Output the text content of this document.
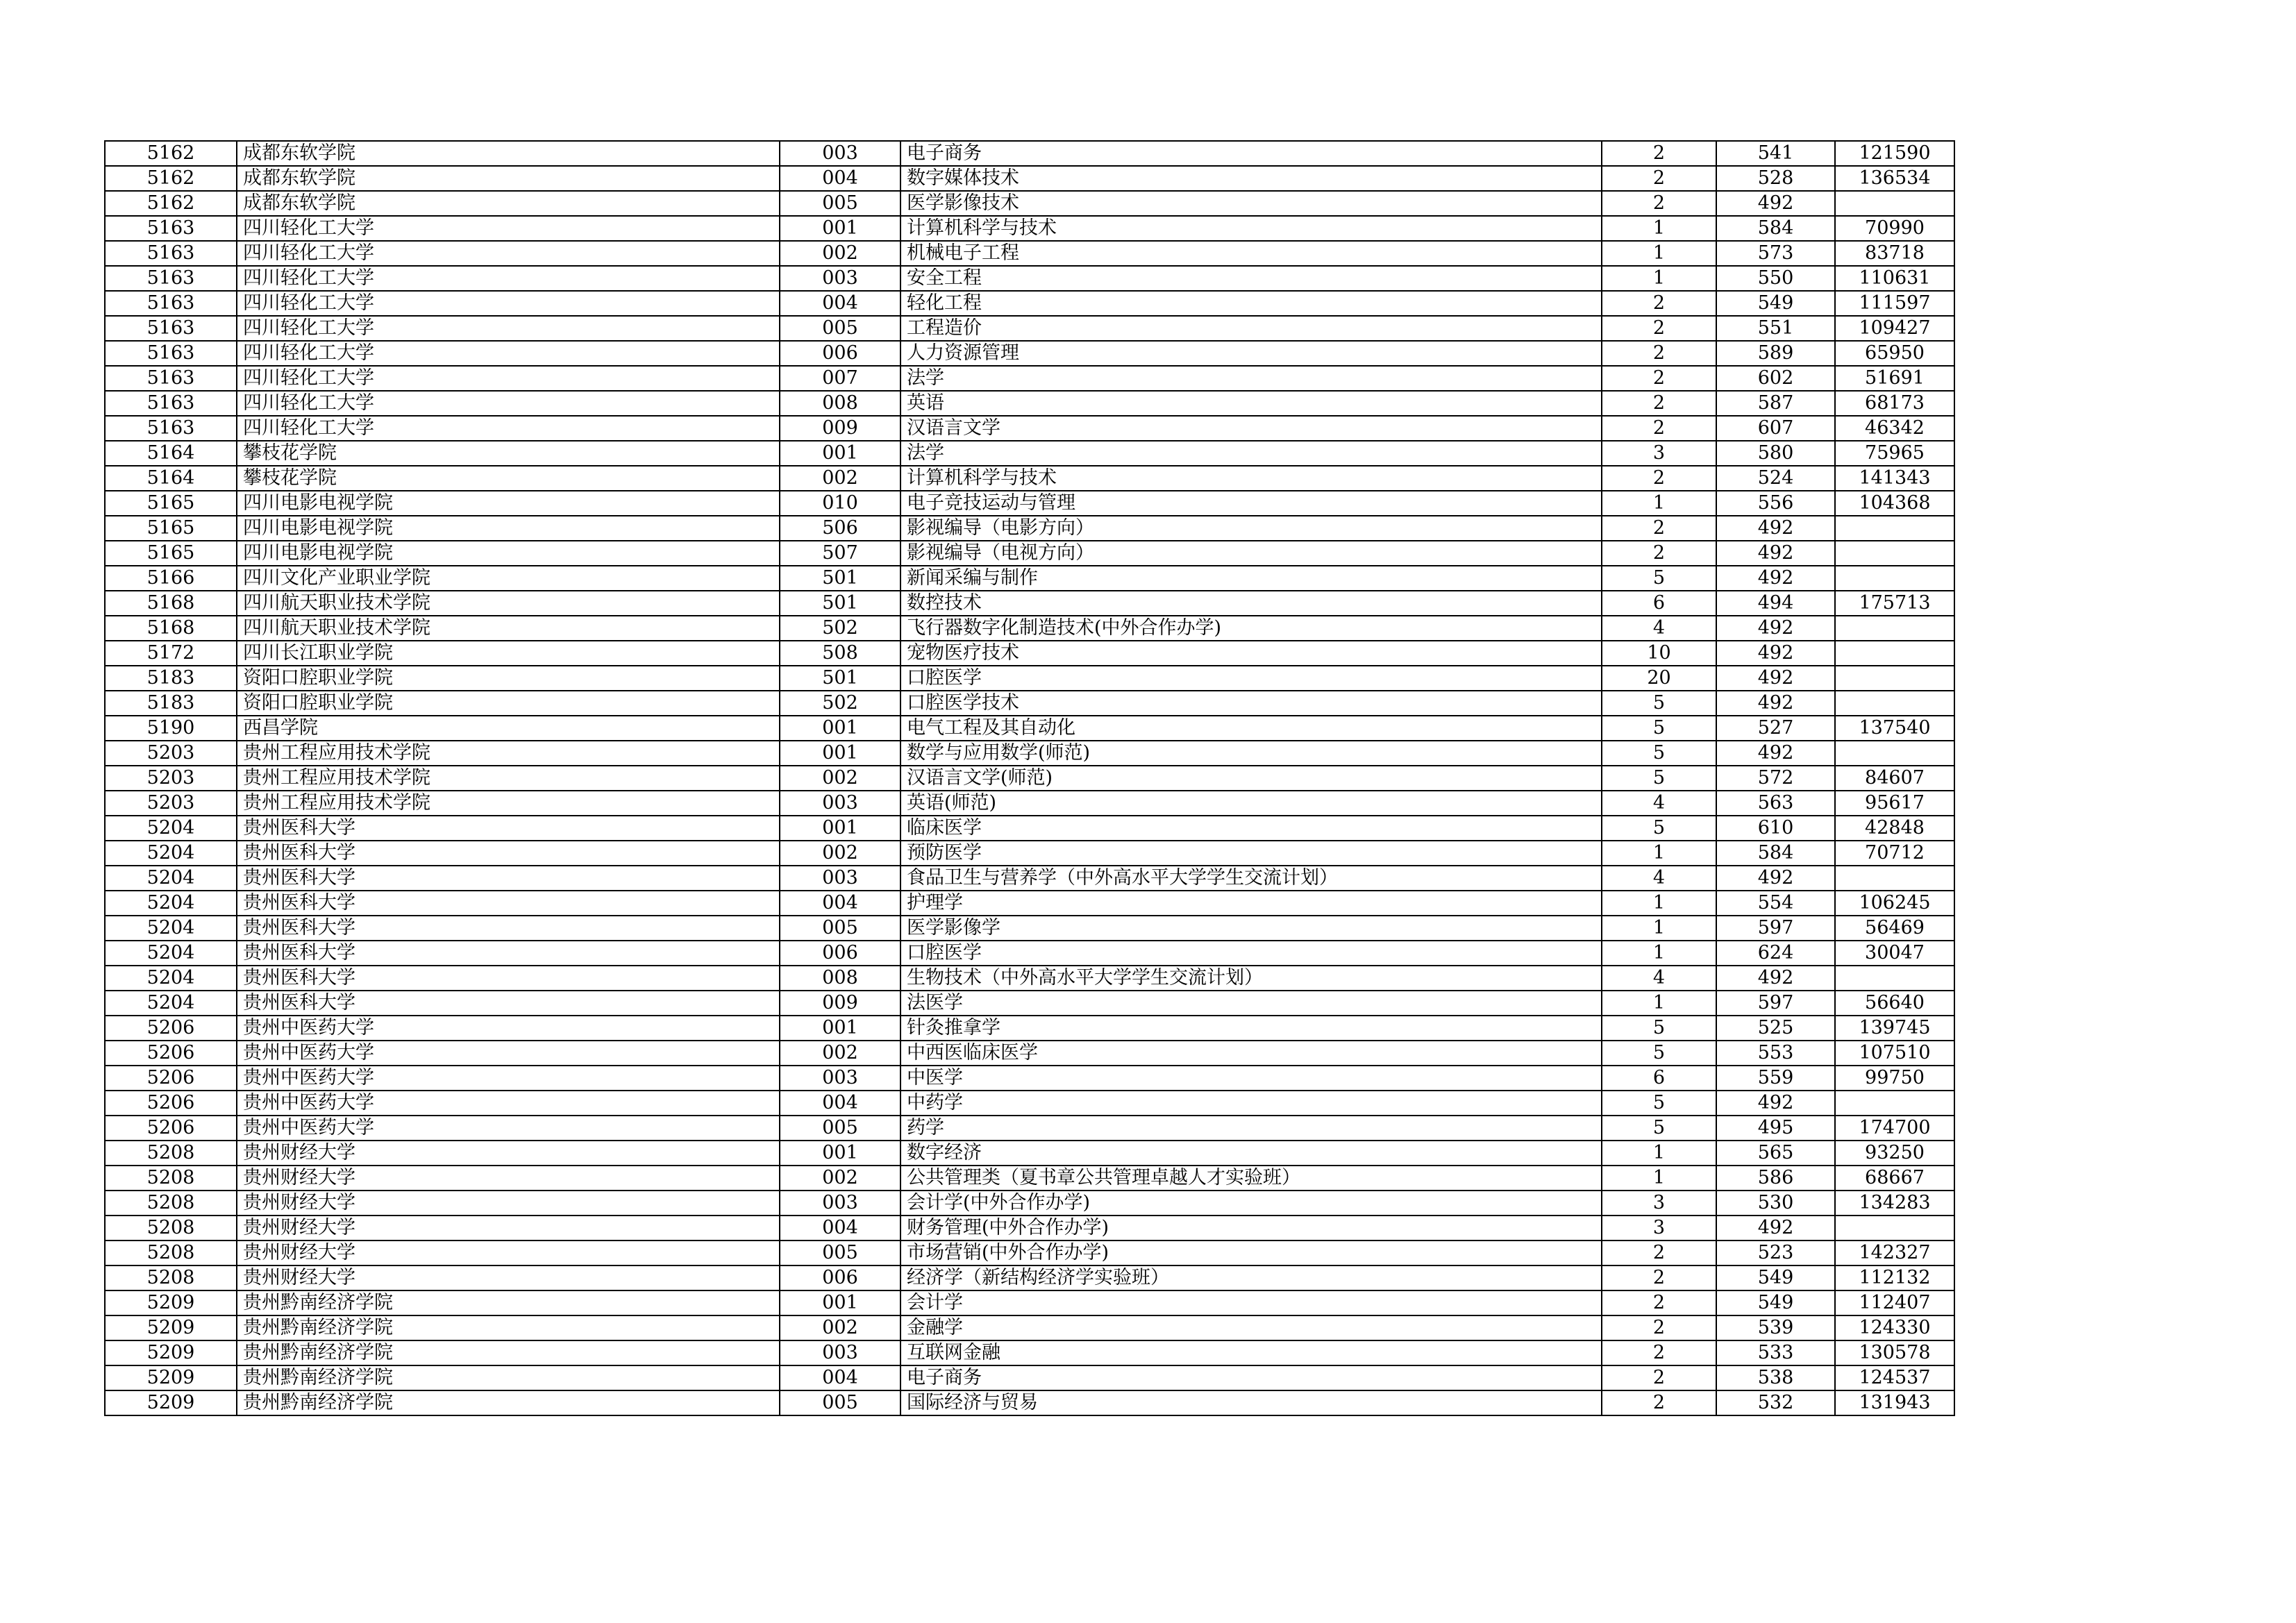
5162	成都东软学院	003	电子商务	2	541	121590
5162	成都东软学院	004	数字媒体技术	2	528	136534
5162	成都东软学院	005	医学影像技术	2	492	
5163	四川轻化工大学	001	计算机科学与技术	1	584	70990
5163	四川轻化工大学	002	机械电子工程	1	573	83718
5163	四川轻化工大学	003	安全工程	1	550	110631
5163	四川轻化工大学	004	轻化工程	2	549	111597
5163	四川轻化工大学	005	工程造价	2	551	109427
5163	四川轻化工大学	006	人力资源管理	2	589	65950
5163	四川轻化工大学	007	法学	2	602	51691
5163	四川轻化工大学	008	英语	2	587	68173
5163	四川轻化工大学	009	汉语言文学	2	607	46342
5164	攀枝花学院	001	法学	3	580	75965
5164	攀枝花学院	002	计算机科学与技术	2	524	141343
5165	四川电影电视学院	010	电子竞技运动与管理	1	556	104368
5165	四川电影电视学院	506	影视编导（电影方向）	2	492	
5165	四川电影电视学院	507	影视编导（电视方向）	2	492	
5166	四川文化产业职业学院	501	新闻采编与制作	5	492	
5168	四川航天职业技术学院	501	数控技术	6	494	175713
5168	四川航天职业技术学院	502	飞行器数字化制造技术(中外合作办学)	4	492	
5172	四川长江职业学院	508	宠物医疗技术	10	492	
5183	资阳口腔职业学院	501	口腔医学	20	492	
5183	资阳口腔职业学院	502	口腔医学技术	5	492	
5190	西昌学院	001	电气工程及其自动化	5	527	137540
5203	贵州工程应用技术学院	001	数学与应用数学(师范)	5	492	
5203	贵州工程应用技术学院	002	汉语言文学(师范)	5	572	84607
5203	贵州工程应用技术学院	003	英语(师范)	4	563	95617
5204	贵州医科大学	001	临床医学	5	610	42848
5204	贵州医科大学	002	预防医学	1	584	70712
5204	贵州医科大学	003	食品卫生与营养学（中外高水平大学学生交流计划）	4	492	
5204	贵州医科大学	004	护理学	1	554	106245
5204	贵州医科大学	005	医学影像学	1	597	56469
5204	贵州医科大学	006	口腔医学	1	624	30047
5204	贵州医科大学	008	生物技术（中外高水平大学学生交流计划）	4	492	
5204	贵州医科大学	009	法医学	1	597	56640
5206	贵州中医药大学	001	针灸推拿学	5	525	139745
5206	贵州中医药大学	002	中西医临床医学	5	553	107510
5206	贵州中医药大学	003	中医学	6	559	99750
5206	贵州中医药大学	004	中药学	5	492	
5206	贵州中医药大学	005	药学	5	495	174700
5208	贵州财经大学	001	数字经济	1	565	93250
5208	贵州财经大学	002	公共管理类（夏书章公共管理卓越人才实验班）	1	586	68667
5208	贵州财经大学	003	会计学(中外合作办学)	3	530	134283
5208	贵州财经大学	004	财务管理(中外合作办学)	3	492	
5208	贵州财经大学	005	市场营销(中外合作办学)	2	523	142327
5208	贵州财经大学	006	经济学（新结构经济学实验班）	2	549	112132
5209	贵州黔南经济学院	001	会计学	2	549	112407
5209	贵州黔南经济学院	002	金融学	2	539	124330
5209	贵州黔南经济学院	003	互联网金融	2	533	130578
5209	贵州黔南经济学院	004	电子商务	2	538	124537
5209	贵州黔南经济学院	005	国际经济与贸易	2	532	131943
